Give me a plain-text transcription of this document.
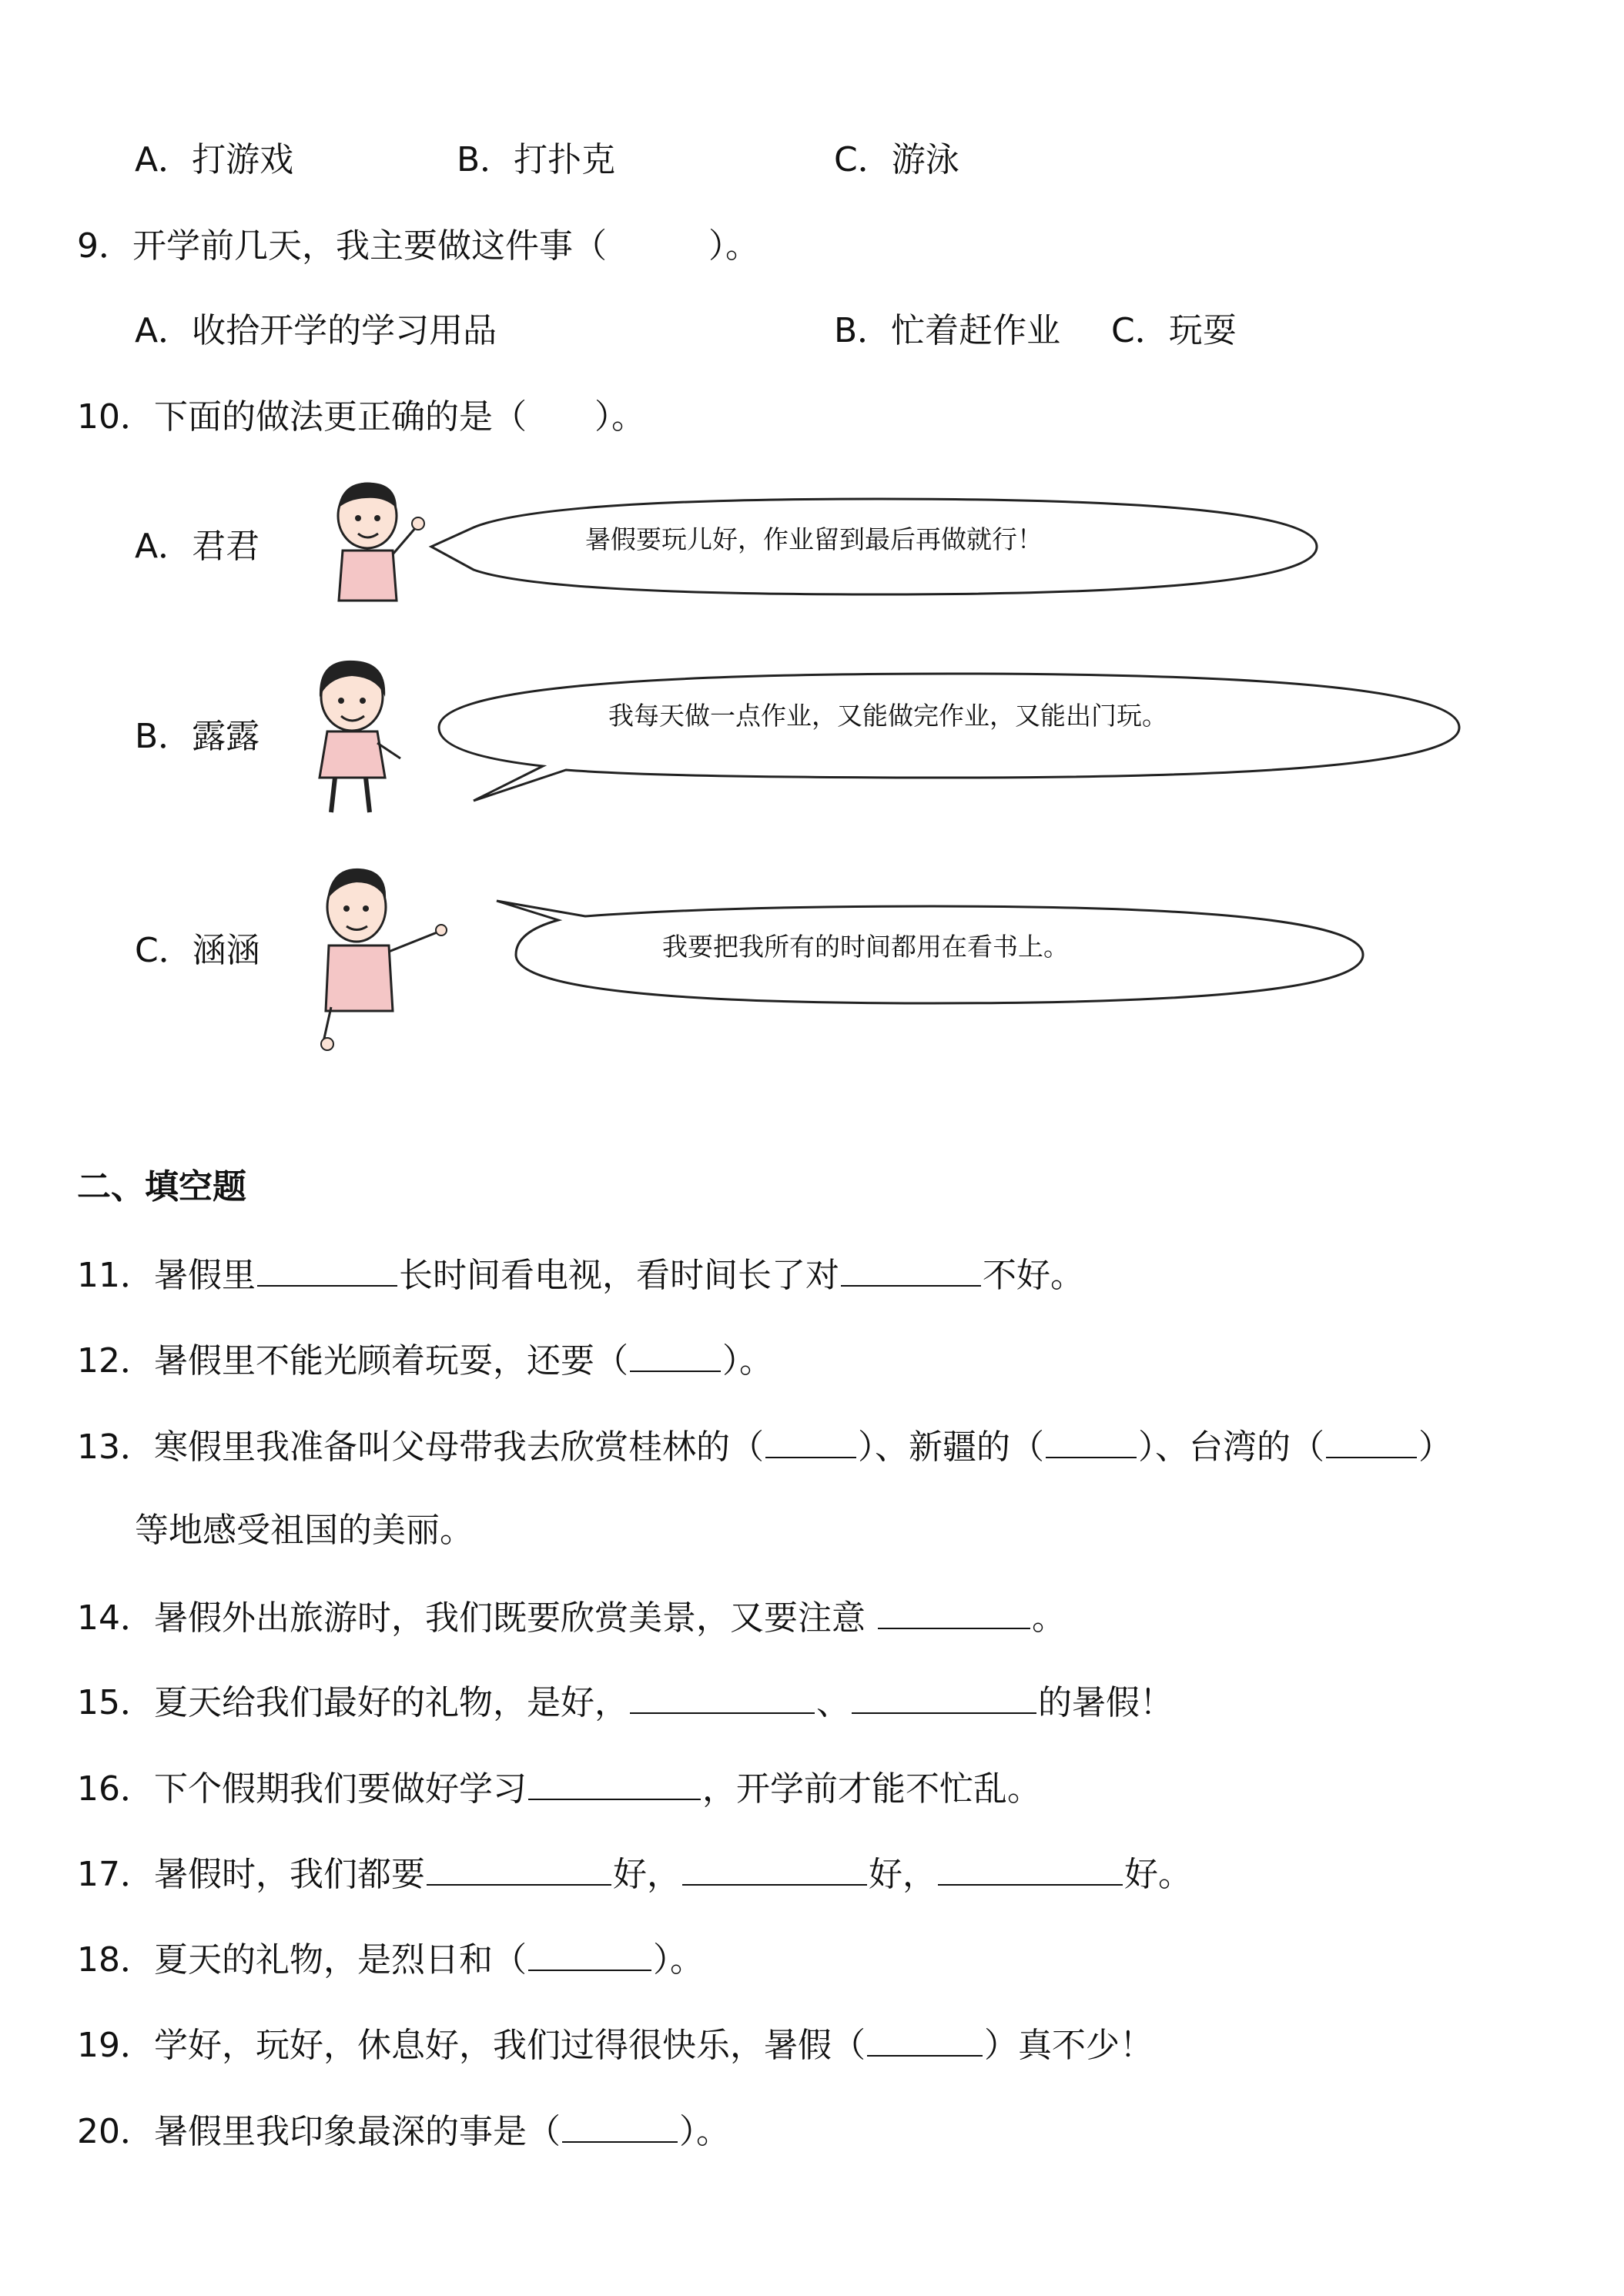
A．打游戏	B．打扑克	C．游泳
9．开学前几天，我主要做这件事（　　　）。
A．收拾开学的学习用品	B．忙着赶作业 C．玩耍
10．下面的做法更正确的是（　　）。
A．君君	暑假要玩儿好，作业留到最后再做就行！
B．露露
我每天做一点作业，又能做完作业，又能出门玩。
C．涵涵	我要把我所有的时间都用在看书上。
二、填空题
11．暑假里	长时间看电视，看时间长了对	不好。
12．暑假里不能光顾着玩耍，还要（	）。
13．寒假里我准备叫父母带我去欣赏桂林的（	）、新疆的（	）、台湾的（	）
等地感受祖国的美丽。
14．暑假外出旅游时，我们既要欣赏美景，又要注意	。
15．夏天给我们最好的礼物，是好，	、	的暑假！
16．下个假期我们要做好学习	，开学前才能不忙乱。
17．暑假时，我们都要	好，	好，	好。
18．夏天的礼物，是烈日和（	）。
19．学好，玩好，休息好，我们过得很快乐，暑假（	）真不少！
20．暑假里我印象最深的事是（	）。
